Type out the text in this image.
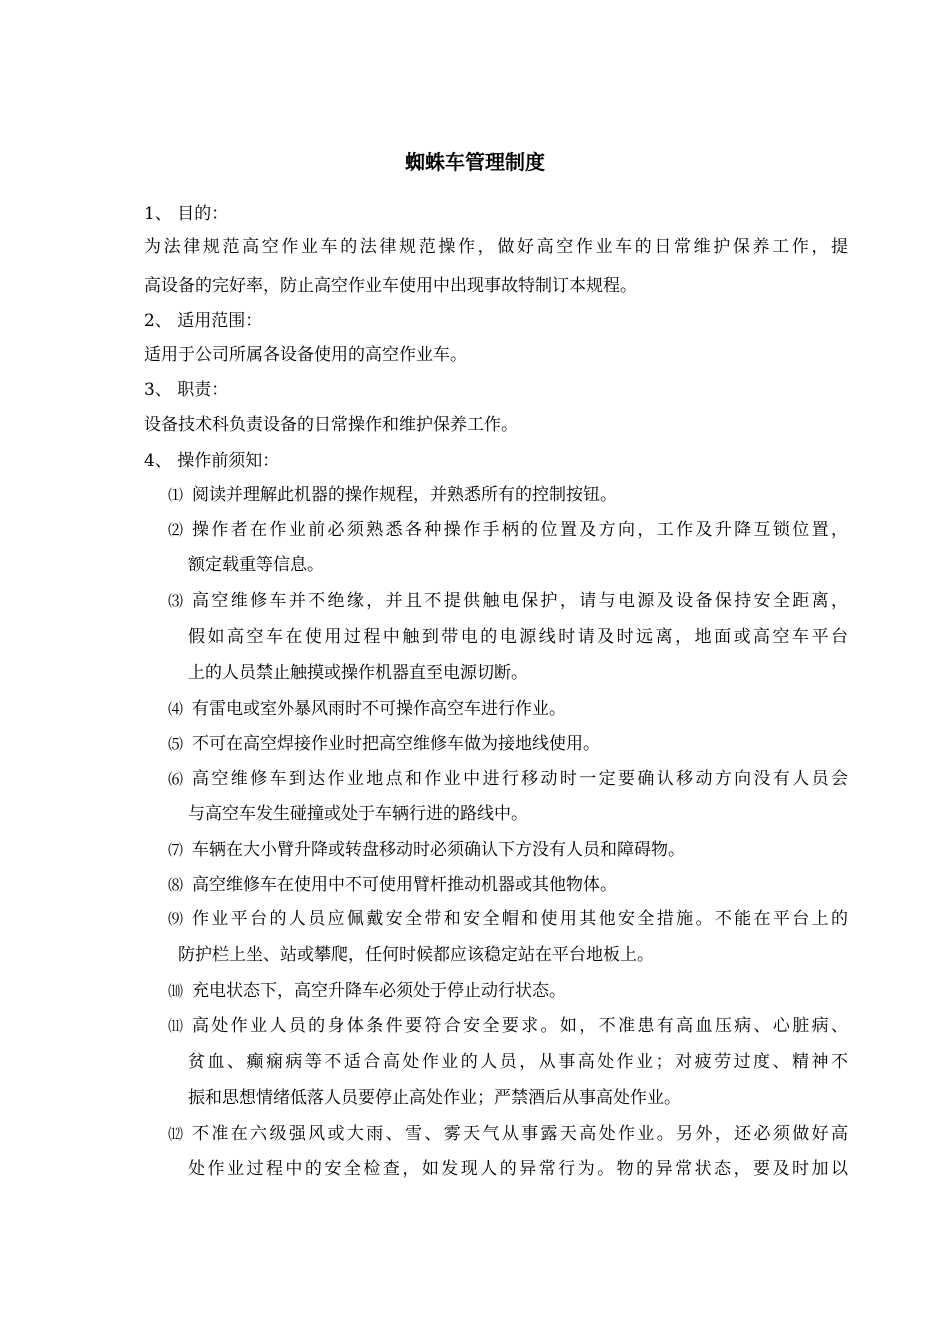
蜘蛛车管理制度
1、 目的：
为法律规范高空作业车的法律规范操作，做好高空作业车的日常维护保养工作，提
高设备的完好率，防止高空作业车使用中出现事故特制订本规程。
2、 适用范围：
适用于公司所属各设备使用的高空作业车。
3、 职责：
设备技术科负责设备的日常操作和维护保养工作。
4、 操作前须知：
⑴ 阅读并理解此机器的操作规程，并熟悉所有的控制按钮。
⑵ 操作者在作业前必须熟悉各种操作手柄的位置及方向，工作及升降互锁位置，
额定载重等信息。
⑶ 高空维修车并不绝缘，并且不提供触电保护，请与电源及设备保持安全距离，
假如高空车在使用过程中触到带电的电源线时请及时远离，地面或高空车平台
上的人员禁止触摸或操作机器直至电源切断。
⑷ 有雷电或室外暴风雨时不可操作高空车进行作业。
⑸ 不可在高空焊接作业时把高空维修车做为接地线使用。
⑹ 高空维修车到达作业地点和作业中进行移动时一定要确认移动方向没有人员会
与高空车发生碰撞或处于车辆行进的路线中。
⑺ 车辆在大小臂升降或转盘移动时必须确认下方没有人员和障碍物。
⑻ 高空维修车在使用中不可使用臂杆推动机器或其他物体。
⑼ 作业平台的人员应佩戴安全带和安全帽和使用其他安全措施。不能在平台上的
防护栏上坐、站或攀爬，任何时候都应该稳定站在平台地板上。
⑽ 充电状态下，高空升降车必须处于停止动行状态。
⑾ 高处作业人员的身体条件要符合安全要求。如，不准患有高血压病、心脏病、
贫血、癫痫病等不适合高处作业的人员，从事高处作业；对疲劳过度、精神不
振和思想情绪低落人员要停止高处作业；严禁酒后从事高处作业。
⑿ 不准在六级强风或大雨、雪、雾天气从事露天高处作业。另外，还必须做好高
处作业过程中的安全检查，如发现人的异常行为。物的异常状态，要及时加以
